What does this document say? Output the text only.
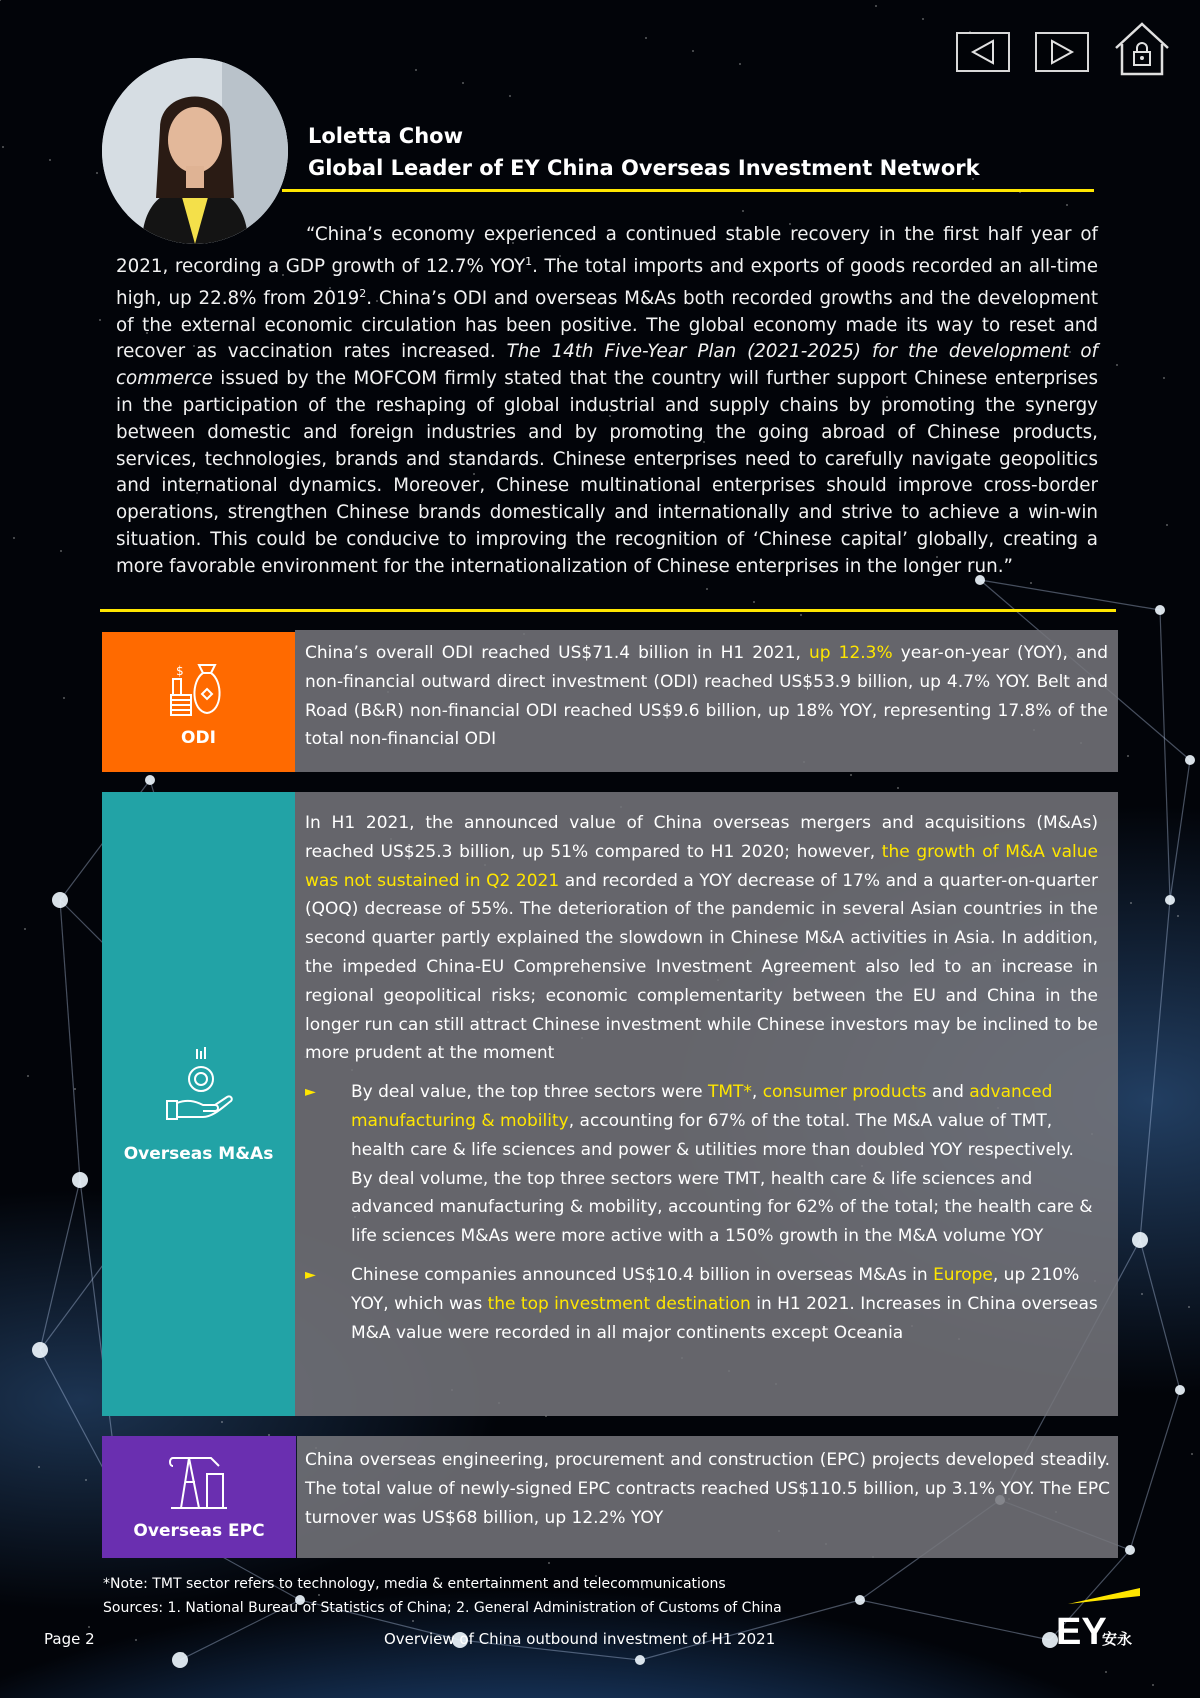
Loletta Chow
Global Leader of EY China Overseas Investment Network
“China’s economy experienced a continued stable recovery in the first half year of 2021, recording a GDP growth of 12.7% YOY$^1$. The total imports and exports of goods recorded an all-time high, up 22.8% from 2019$^2$. China’s ODI and overseas M&As both recorded growths and the development of the external economic circulation has been positive. The global economy made its way to reset and recover as vaccination rates increased. The 14th Five-Year Plan (2021-2025) for the development of commerce issued by the MOFCOM firmly stated that the country will further support Chinese enterprises in the participation of the reshaping of global industrial and supply chains by promoting the synergy between domestic and foreign industries and by promoting the going abroad of Chinese products, services, technologies, brands and standards. Chinese enterprises need to carefully navigate geopolitics and international dynamics. Moreover, Chinese multinational enterprises should improve cross-border operations, strengthen Chinese brands domestically and internationally and strive to achieve a win-win situation. This could be conducive to improving the recognition of ‘Chinese capital’ globally, creating a more favorable environment for the internationalization of Chinese enterprises in the longer run.”
$
ODI
China’s overall ODI reached US$71.4 billion in H1 2021, up 12.3% year-on-year (YOY), and non-financial outward direct investment (ODI) reached US$53.9 billion, up 4.7% YOY. Belt and Road (B&R) non-financial ODI reached US$9.6 billion, up 18% YOY, representing 17.8% of the total non-financial ODI
Overseas M&As
In H1 2021, the announced value of China overseas mergers and acquisitions (M&As) reached US$25.3 billion, up 51% compared to H1 2020; however, the growth of M&A value was not sustained in Q2 2021 and recorded a YOY decrease of 17% and a quarter-on-quarter (QOQ) decrease of 55%. The deterioration of the pandemic in several Asian countries in the second quarter partly explained the slowdown in Chinese M&A activities in Asia. In addition, the impeded China-EU Comprehensive Investment Agreement also led to an increase in regional geopolitical risks; economic complementarity between the EU and China in the longer run can still attract Chinese investment while Chinese investors may be inclined to be more prudent at the moment
►	By deal value, the top three sectors were TMT*, consumer products and advanced manufacturing & mobility, accounting for 67% of the total. The M&A value of TMT, health care & life sciences and power & utilities more than doubled YOY respectively. By deal volume, the top three sectors were TMT, health care & life sciences and advanced manufacturing & mobility, accounting for 62% of the total; the health care & life sciences M&As were more active with a 150% growth in the M&A volume YOY
►	Chinese companies announced US$10.4 billion in overseas M&As in Europe, up 210% YOY, which was the top investment destination in H1 2021. Increases in China overseas M&A value were recorded in all major continents except Oceania
Overseas EPC
China overseas engineering, procurement and construction (EPC) projects developed steadily. The total value of newly-signed EPC contracts reached US$110.5 billion, up 3.1% YOY. The EPC turnover was US$68 billion, up 12.2% YOY
*Note: TMT sector refers to technology, media & entertainment and telecommunications
Sources: 1. National Bureau of Statistics of China; 2. General Administration of Customs of China
Page 2	Overview of China outbound investment of H1 2021	EY
安永
